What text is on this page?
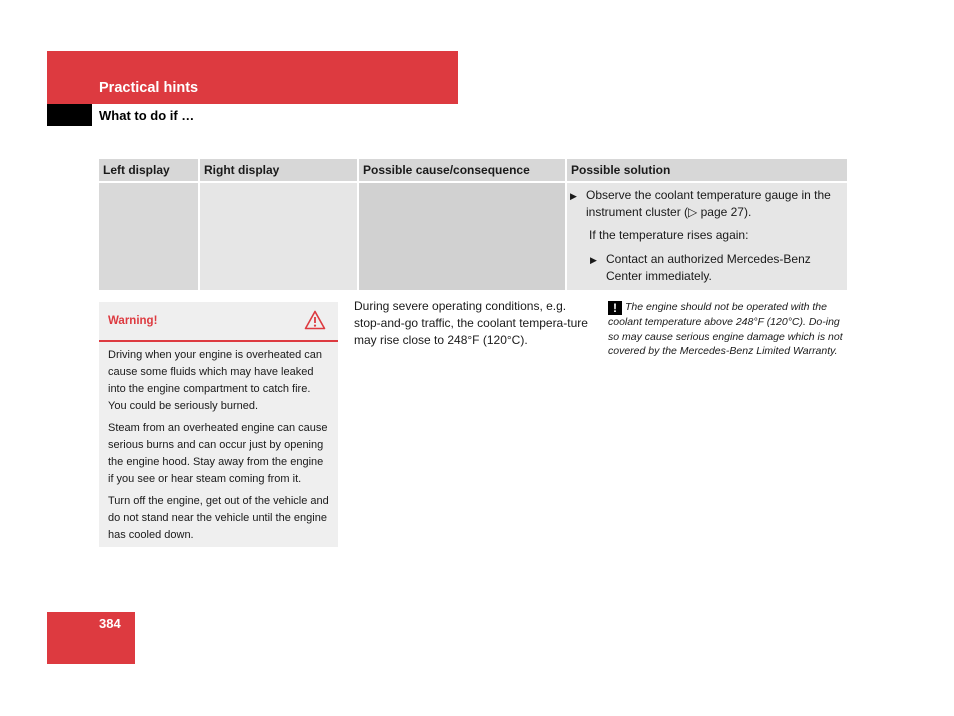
Practical hints
What to do if …
Left display	Right display	Possible cause/consequence	Possible solution

			▶ Observe the coolant temperature gauge in the instrument cluster (▷ page 27).
If the temperature rises again:
▶ Contact an authorized Mercedes-Benz Center immediately.
Warning!

Driving when your engine is overheated can cause some fluids which may have leaked into the engine compartment to catch fire. You could be seriously burned.

Steam from an overheated engine can cause serious burns and can occur just by opening the engine hood. Stay away from the engine if you see or hear steam coming from it.

Turn off the engine, get out of the vehicle and do not stand near the vehicle until the engine has cooled down.

During severe operating conditions, e.g. stop-and-go traffic, the coolant tempera-ture may rise close to 248°F (120°C).

! The engine should not be operated with the coolant temperature above 248°F (120°C). Do-ing so may cause serious engine damage which is not covered by the Mercedes-Benz Limited Warranty.
384
